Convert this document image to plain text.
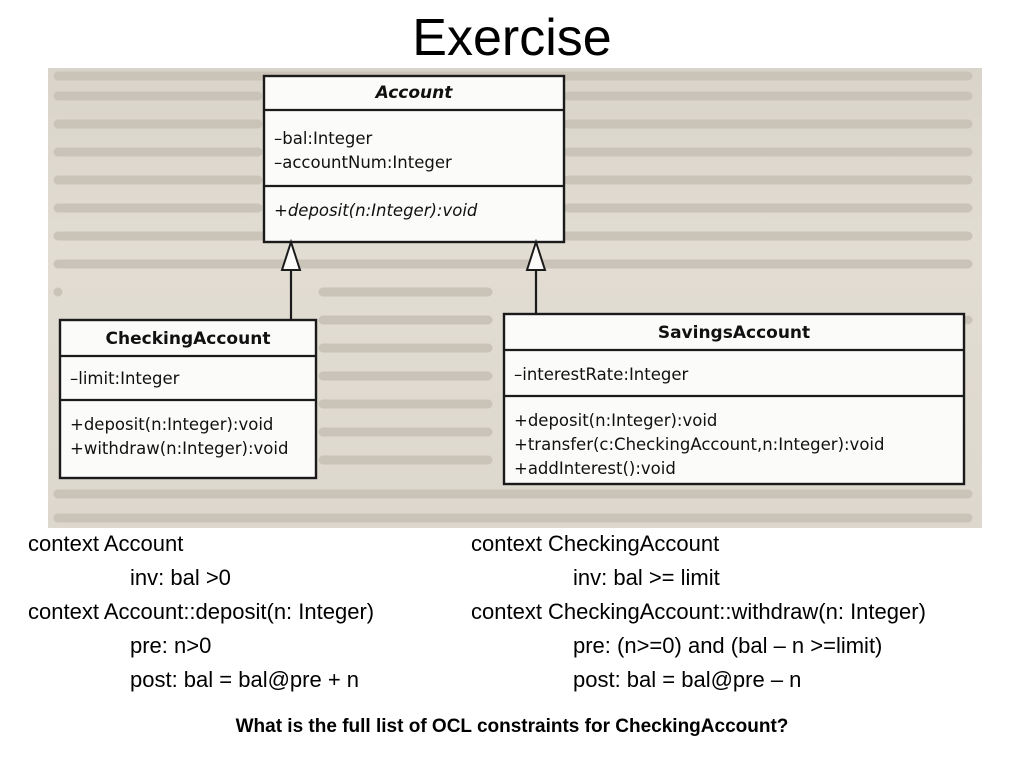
Exercise
Account
–bal:Integer
–accountNum:Integer
+deposit(n:Integer):void
CheckingAccount
–limit:Integer
+deposit(n:Integer):void
+withdraw(n:Integer):void
SavingsAccount
–interestRate:Integer
+deposit(n:Integer):void
+transfer(c:CheckingAccount,n:Integer):void
+addInterest():void
context Account
inv: bal >0
context Account::deposit(n: Integer)
pre: n>0
post: bal = bal@pre + n
context CheckingAccount
inv: bal >= limit
context CheckingAccount::withdraw(n: Integer)
pre: (n>=0) and (bal – n >=limit)
post: bal = bal@pre – n
What is the full list of OCL constraints for CheckingAccount?
